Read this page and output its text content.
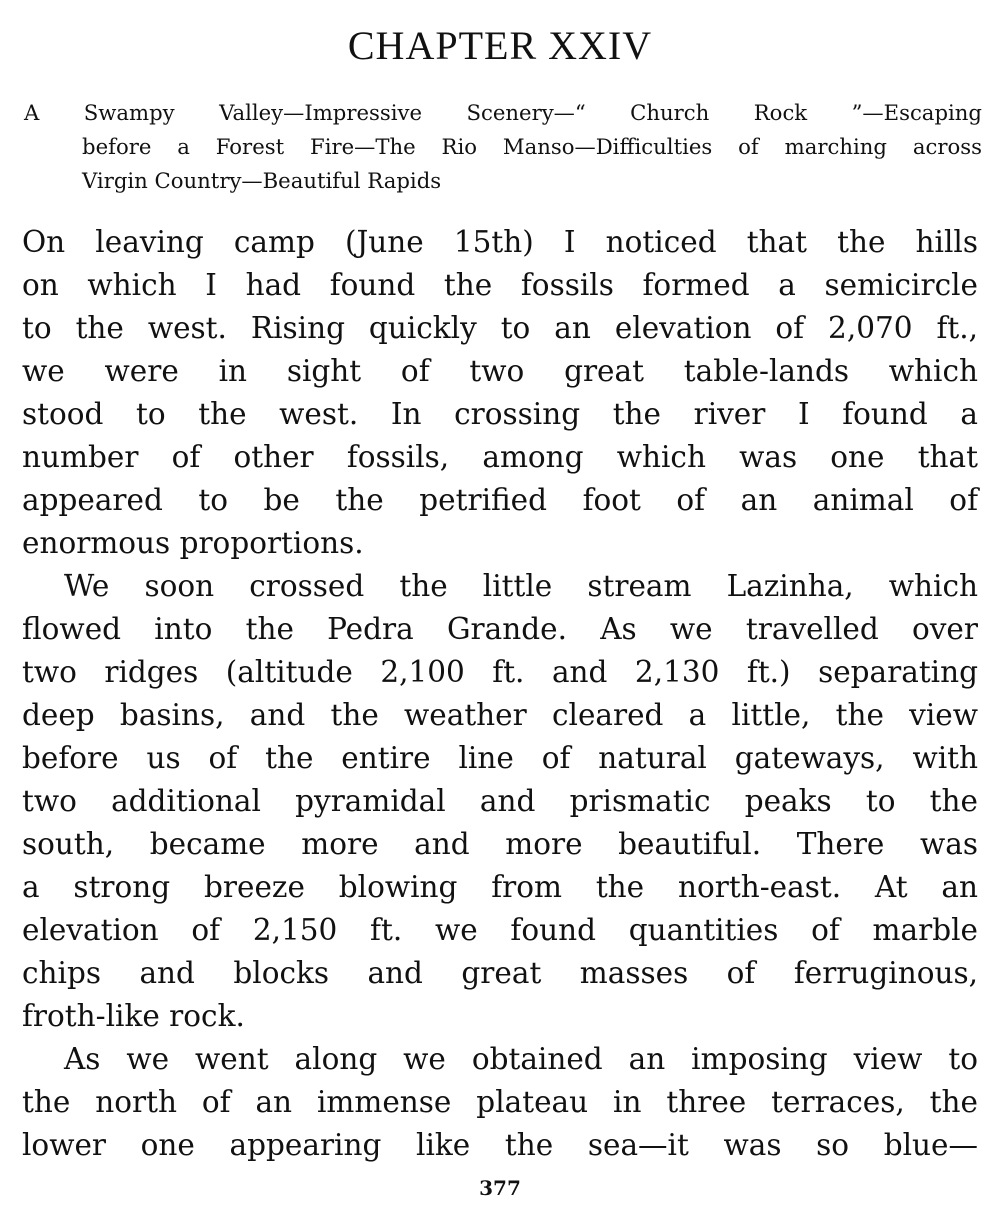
CHAPTER XXIV
A Swampy Valley—Impressive Scenery—“ Church Rock ”—Escaping
before a Forest Fire—The Rio Manso—Difficulties of marching across
Virgin Country—Beautiful Rapids
On leaving camp (June 15th) I noticed that the hills
on which I had found the fossils formed a semicircle
to the west. Rising quickly to an elevation of 2,070 ft.,
we were in sight of two great table-lands which
stood to the west. In crossing the river I found a
number of other fossils, among which was one that
appeared to be the petrified foot of an animal of
enormous proportions.
We soon crossed the little stream Lazinha, which
flowed into the Pedra Grande. As we travelled over
two ridges (altitude 2,100 ft. and 2,130 ft.) separating
deep basins, and the weather cleared a little, the view
before us of the entire line of natural gateways, with
two additional pyramidal and prismatic peaks to the
south, became more and more beautiful. There was
a strong breeze blowing from the north-east. At an
elevation of 2,150 ft. we found quantities of marble
chips and blocks and great masses of ferruginous,
froth-like rock.
As we went along we obtained an imposing view to
the north of an immense plateau in three terraces, the
lower one appearing like the sea—it was so blue—
377
